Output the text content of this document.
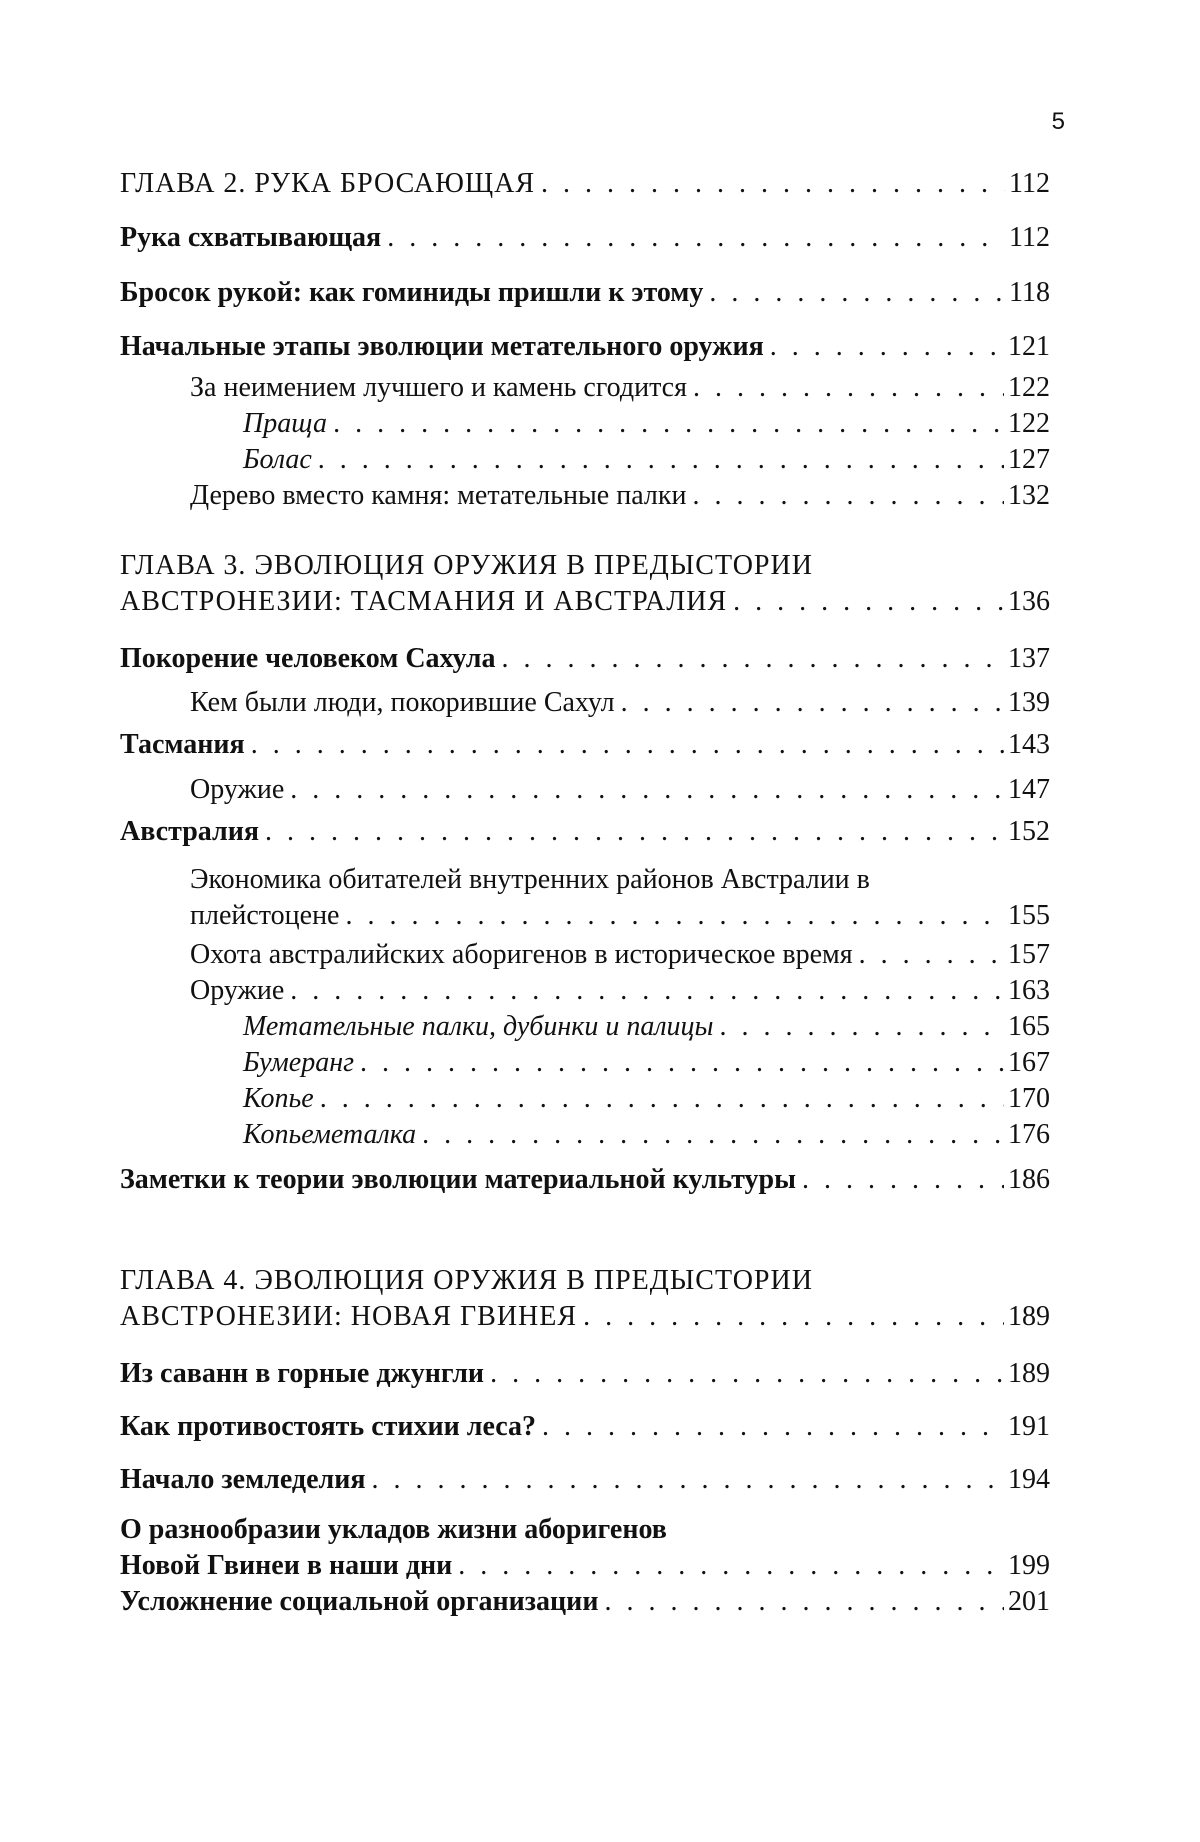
5
ГЛАВА 2. РУКА БРОСАЮЩАЯ . . .	112
Рука схватывающая . . .	112
Бросок рукой: как гоминиды пришли к этому . . .	118
Начальные этапы эволюции метательного оружия . . .	121
За неимением лучшего и камень сгодится . . .	122
Праща . . .	122
Болас . . .	127
Дерево вместо камня: метательные палки . . .	132
ГЛАВА 3. ЭВОЛЮЦИЯ ОРУЖИЯ В ПРЕДЫСТОРИИ
АВСТРОНЕЗИИ: ТАСМАНИЯ И АВСТРАЛИЯ . . .	136
Покорение человеком Сахула . . .	137
Кем были люди, покорившие Сахул . . .	139
Тасмания . . .	143
Оружие . . .	147
Австралия . . .	152
Экономика обитателей внутренних районов Австралии в
плейстоцене . . .	155
Охота австралийских аборигенов в историческое время . . .	157
Оружие . . .	163
Метательные палки, дубинки и палицы . . .	165
Бумеранг . . .	167
Копье . . .	170
Копьеметалка . . .	176
Заметки к теории эволюции материальной культуры . . .	186
ГЛАВА 4. ЭВОЛЮЦИЯ ОРУЖИЯ В ПРЕДЫСТОРИИ
АВСТРОНЕЗИИ: НОВАЯ ГВИНЕЯ . . .	189
Из саванн в горные джунгли . . .	189
Как противостоять стихии леса? . . .	191
Начало земледелия . . .	194
О разнообразии укладов жизни аборигенов
Новой Гвинеи в наши дни . . .	199
Усложнение социальной организации . . .	201
